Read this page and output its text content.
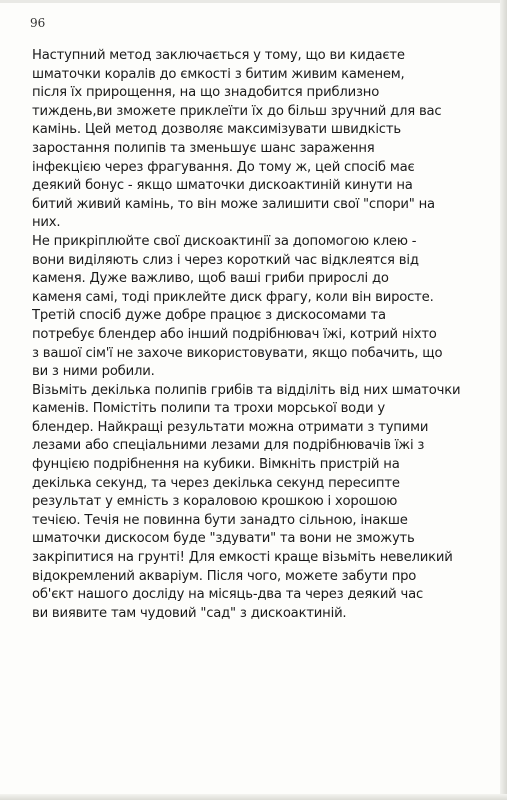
96
Наступний метод заключається у тому, що ви кидаєте
шматочки коралів до ємкості з битим живим каменем,
після їх прирощення, на що знадобится приблизно
тиждень,ви зможете приклеїти їх до більш зручний для вас
камінь. Цей метод дозволяє максимізувати швидкість
заростання полипів та зменьшує шанс зараження
інфекцією через фрагування. До тому ж, цей спосіб має
деякий бонус - якщо шматочки дискоактиній кинути на
битий живий камінь, то він може залишити свої "спори" на
них.
Не прикріплюйте свої дискоактинії за допомогою клею -
вони виділяють слиз і через короткий час відклеятся від
каменя. Дуже важливо, щоб ваші гриби прирослі до
каменя самі, тоді приклейте диск фрагу, коли він виросте.
Третій спосіб дуже добре працює з дискосомами та
потребує блендер або інший подрібнювач їжі, котрий ніхто
з вашої сім'ї не захоче використовувати, якщо побачить, що
ви з ними робили.
Візьміть декілька полипів грибів та відділіть від них шматочки
каменів. Помістіть полипи та трохи морської води у
блендер. Найкращі результати можна отримати з тупими
лезами або спеціальними лезами для подрібнювачів їжі з
фунцією подрібнення на кубики. Вімкніть пристрій на
декілька секунд, та через декілька секунд пересипте
результат у емність з кораловою крошкою і хорошою
течією. Течія не повинна бути занадто сільною, інакше
шматочки дискосом буде "здувати" та вони не зможуть
закріпитися на грунті! Для емкості краще візьміть невеликий
відокремлений акваріум. Після чого, можете забути про
об'єкт нашого досліду на місяць-два та через деякий час
ви виявите там чудовий "сад" з дискоактиній.
